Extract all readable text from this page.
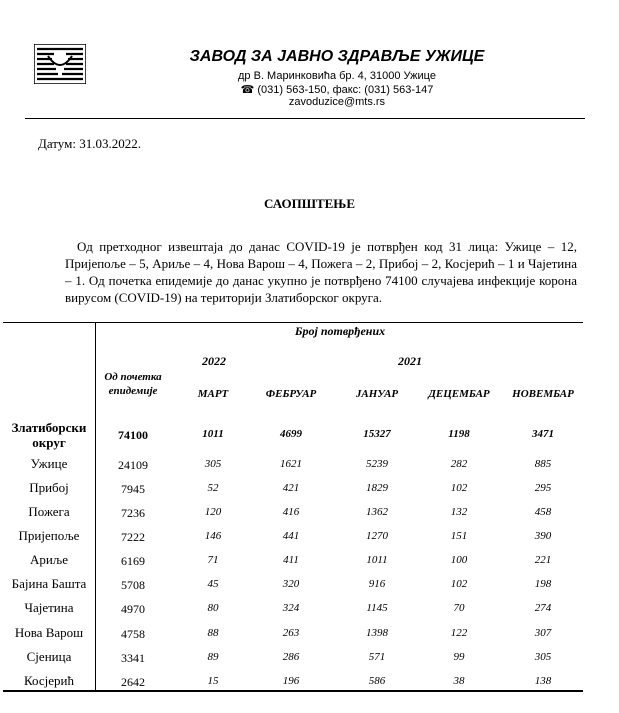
ЗАВОД ЗА ЈАВНО ЗДРАВЉЕ УЖИЦЕ
др В. Маринковића бр. 4, 31000 Ужице
☎ (031) 563-150, факс: (031) 563-147
zavoduzice@mts.rs
Датум: 31.03.2022.
САОПШТЕЊЕ
Од претходног извештаја до данас COVID-19 је потврђен код 31 лица: Ужице – 12, Пријепоље – 5, Ариље – 4, Нова Варош – 4, Пожега – 2, Прибој – 2, Косјерић – 1 и Чајетина – 1. Од почетка епидемије до данас укупно је потврђено 74100 случајева инфекције корона вирусом (COVID-19) на територији Златиборског округа.
Број потврђених
2022	2021
Од почетка епидемије	МАРТ	ФЕБРУАР	ЈАНУАР	ДЕЦЕМБАР	НОВЕМБАР
Златиборски округ	74100	1011	4699	15327	1198	3471
Ужице	24109	305	1621	5239	282	885
Прибој	7945	52	421	1829	102	295
Пожега	7236	120	416	1362	132	458
Пријепоље	7222	146	441	1270	151	390
Ариље	6169	71	411	1011	100	221
Бајина Башта	5708	45	320	916	102	198
Чајетина	4970	80	324	1145	70	274
Нова Варош	4758	88	263	1398	122	307
Сјеница	3341	89	286	571	99	305
Косјерић	2642	15	196	586	38	138
